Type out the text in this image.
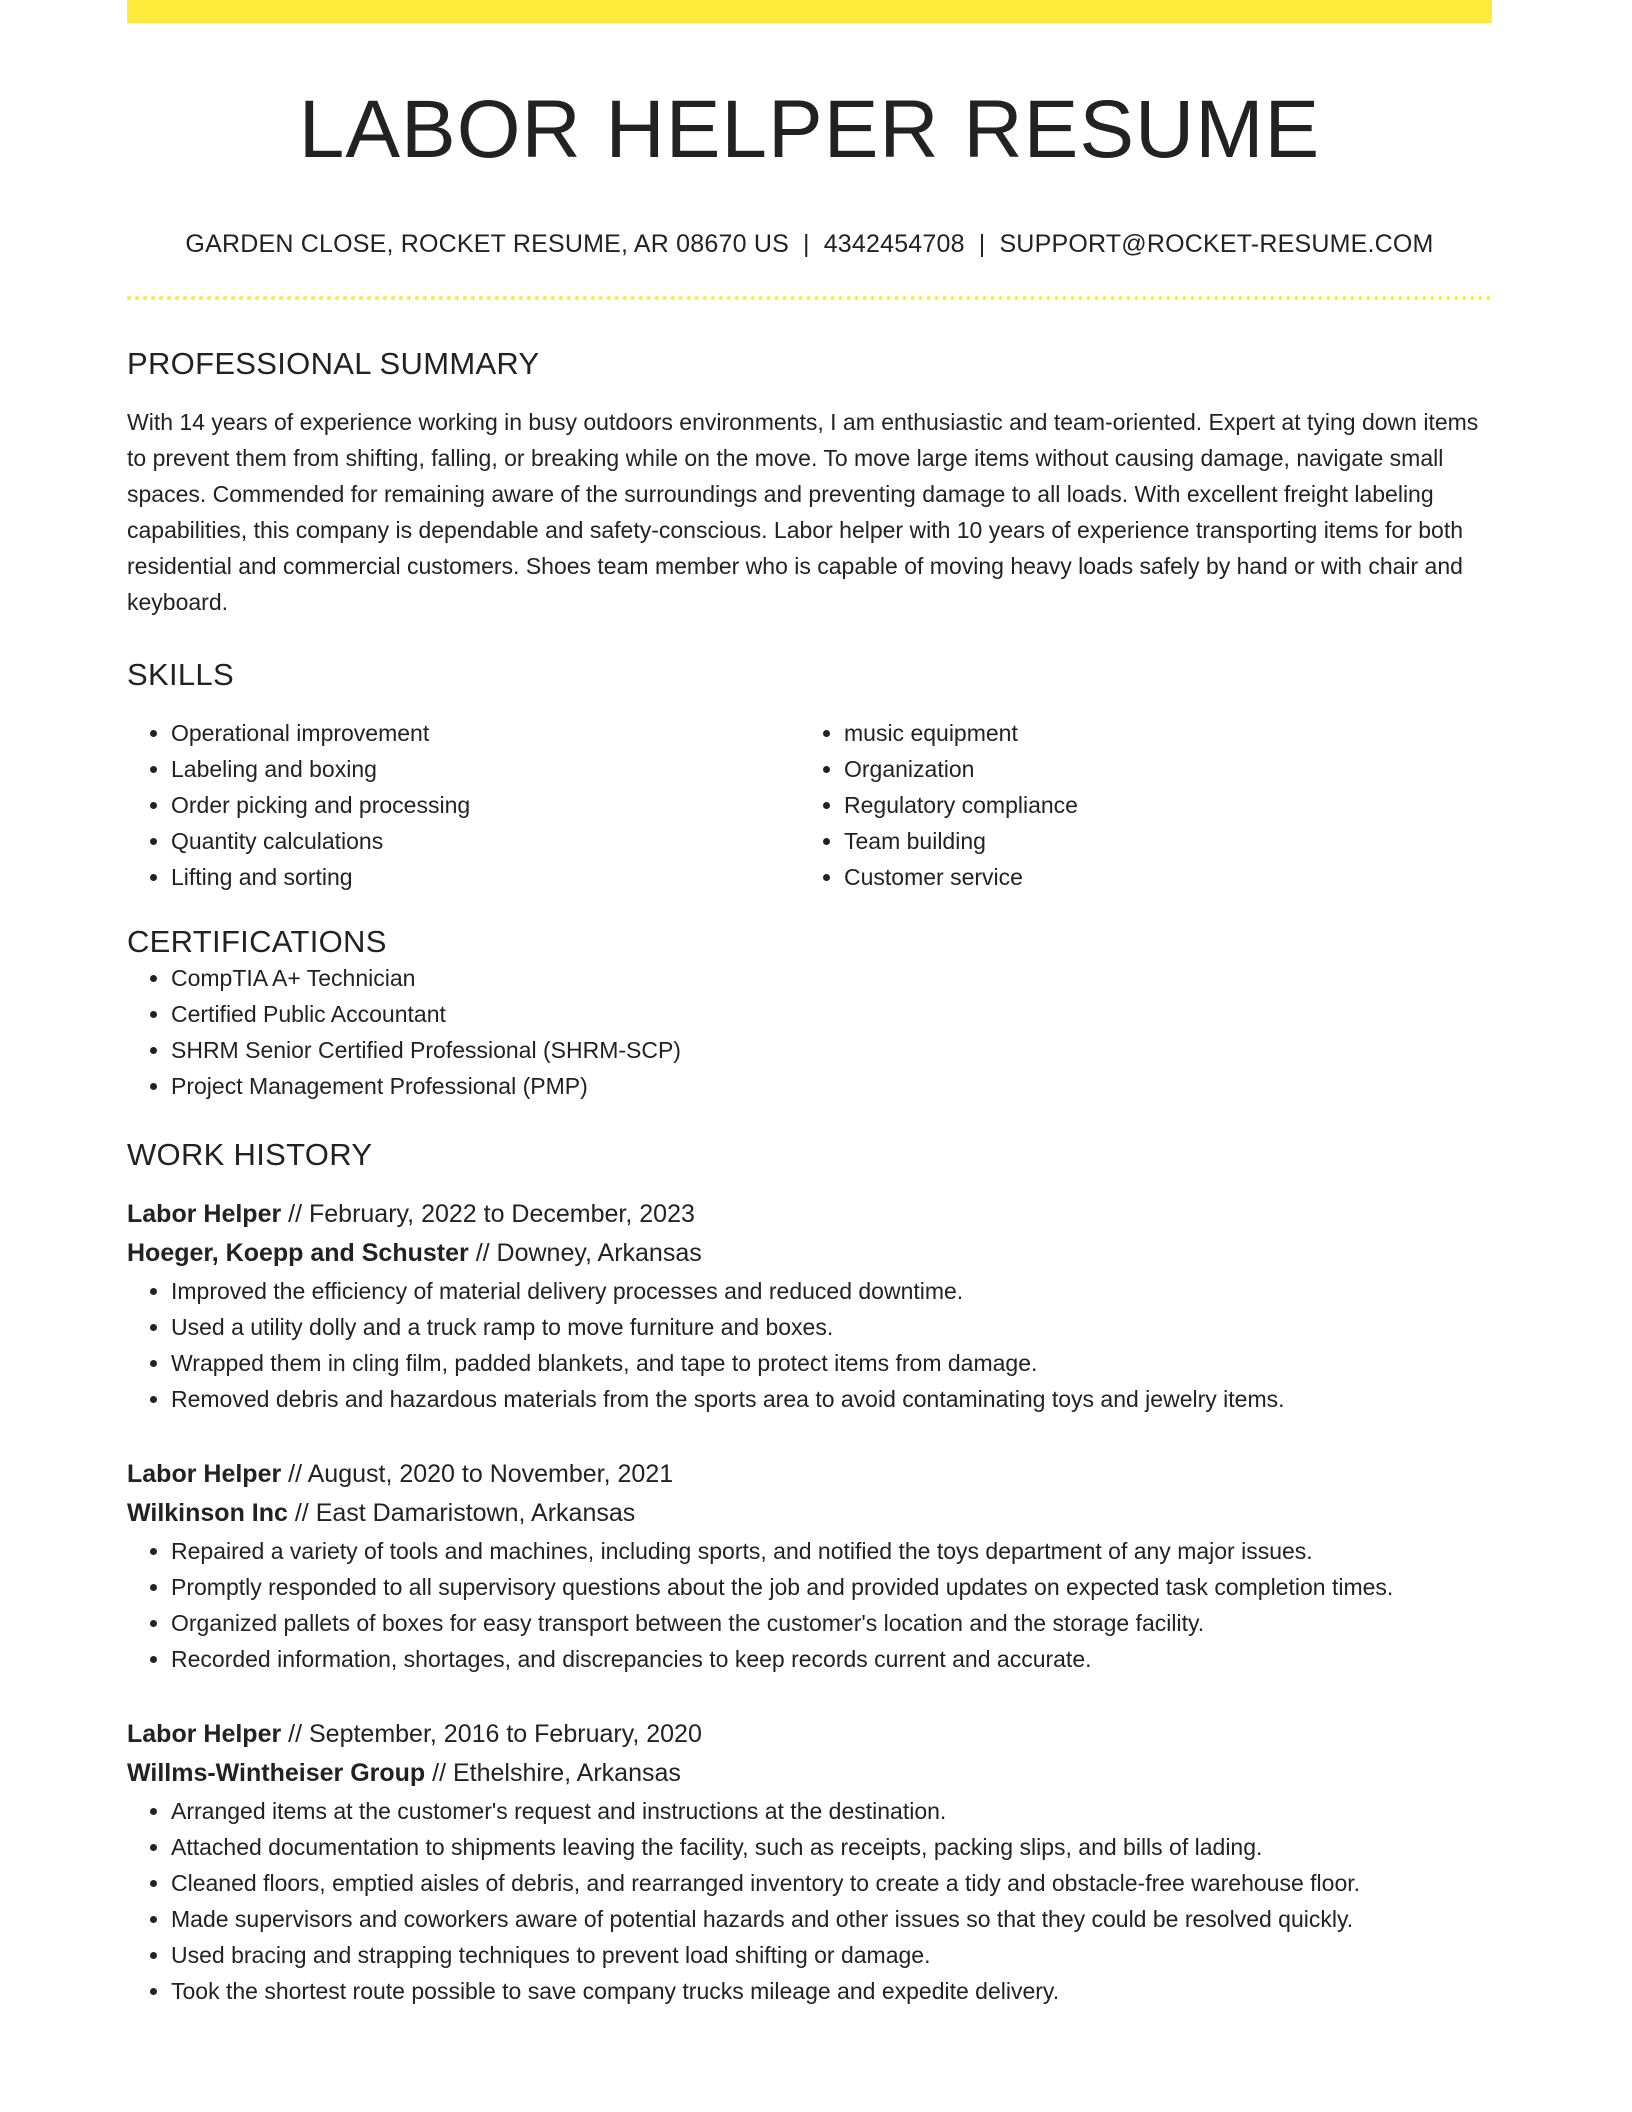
LABOR HELPER RESUME
GARDEN CLOSE, ROCKET RESUME, AR 08670 US | 4342454708 | SUPPORT@ROCKET-RESUME.COM
PROFESSIONAL SUMMARY

With 14 years of experience working in busy outdoors environments, I am enthusiastic and team-oriented. Expert at tying down items to prevent them from shifting, falling, or breaking while on the move. To move large items without causing damage, navigate small spaces. Commended for remaining aware of the surroundings and preventing damage to all loads. With excellent freight labeling capabilities, this company is dependable and safety-conscious. Labor helper with 10 years of experience transporting items for both residential and commercial customers. Shoes team member who is capable of moving heavy loads safely by hand or with chair and keyboard.

SKILLS
• Operational improvement
• Labeling and boxing
• Order picking and processing
• Quantity calculations
• Lifting and sorting
• music equipment
• Organization
• Regulatory compliance
• Team building
• Customer service
CERTIFICATIONS
• CompTIA A+ Technician
• Certified Public Accountant
• SHRM Senior Certified Professional (SHRM-SCP)
• Project Management Professional (PMP)
WORK HISTORY
Labor Helper // February, 2022 to December, 2023
Hoeger, Koepp and Schuster // Downey, Arkansas
• Improved the efficiency of material delivery processes and reduced downtime.
• Used a utility dolly and a truck ramp to move furniture and boxes.
• Wrapped them in cling film, padded blankets, and tape to protect items from damage.
• Removed debris and hazardous materials from the sports area to avoid contaminating toys and jewelry items.
Labor Helper // August, 2020 to November, 2021
Wilkinson Inc // East Damaristown, Arkansas
• Repaired a variety of tools and machines, including sports, and notified the toys department of any major issues.
• Promptly responded to all supervisory questions about the job and provided updates on expected task completion times.
• Organized pallets of boxes for easy transport between the customer's location and the storage facility.
• Recorded information, shortages, and discrepancies to keep records current and accurate.
Labor Helper // September, 2016 to February, 2020
Willms-Wintheiser Group // Ethelshire, Arkansas
• Arranged items at the customer's request and instructions at the destination.
• Attached documentation to shipments leaving the facility, such as receipts, packing slips, and bills of lading.
• Cleaned floors, emptied aisles of debris, and rearranged inventory to create a tidy and obstacle-free warehouse floor.
• Made supervisors and coworkers aware of potential hazards and other issues so that they could be resolved quickly.
• Used bracing and strapping techniques to prevent load shifting or damage.
• Took the shortest route possible to save company trucks mileage and expedite delivery.
